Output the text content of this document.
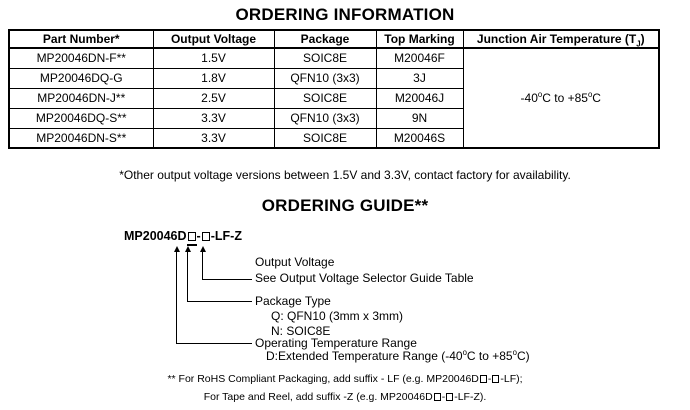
ORDERING INFORMATION
Part Number*	Output Voltage	Package	Top Marking	Junction Air Temperature $(T_J)$
MP20046DN-F**	1.5V	SOIC8E	M20046F	-40$^o$C to $+85^oC$
MP20046DQ-G	1.8V	QFN10 (3x3)	3J	
MP20046DN-J**	2.5V	SOIC8E	M20046J	
MP20046DQ-S**	3.3V	QFN10 (3x3)	9N	
MP20046DN-S**	3.3V	SOIC8E	M20046S	
*Other output voltage versions between 1.5V and 3.3V, contact factory for availability.
ORDERING GUIDE**
MP20046D - -LF-Z
Output Voltage
See Output Voltage Selector Guide Table
Package Type
Q: QFN10 (3mm x 3mm)
N: SOIC8E
Operating Temperature Range
D:Extended Temperature Range (-40$^o$C to $+85^oC$)
** For RoHS Compliant Packaging, add suffix - LF (e.g. MP20046D - -LF);
For Tape and Reel, add suffix -Z (e.g. MP20046D - -LF-Z).
